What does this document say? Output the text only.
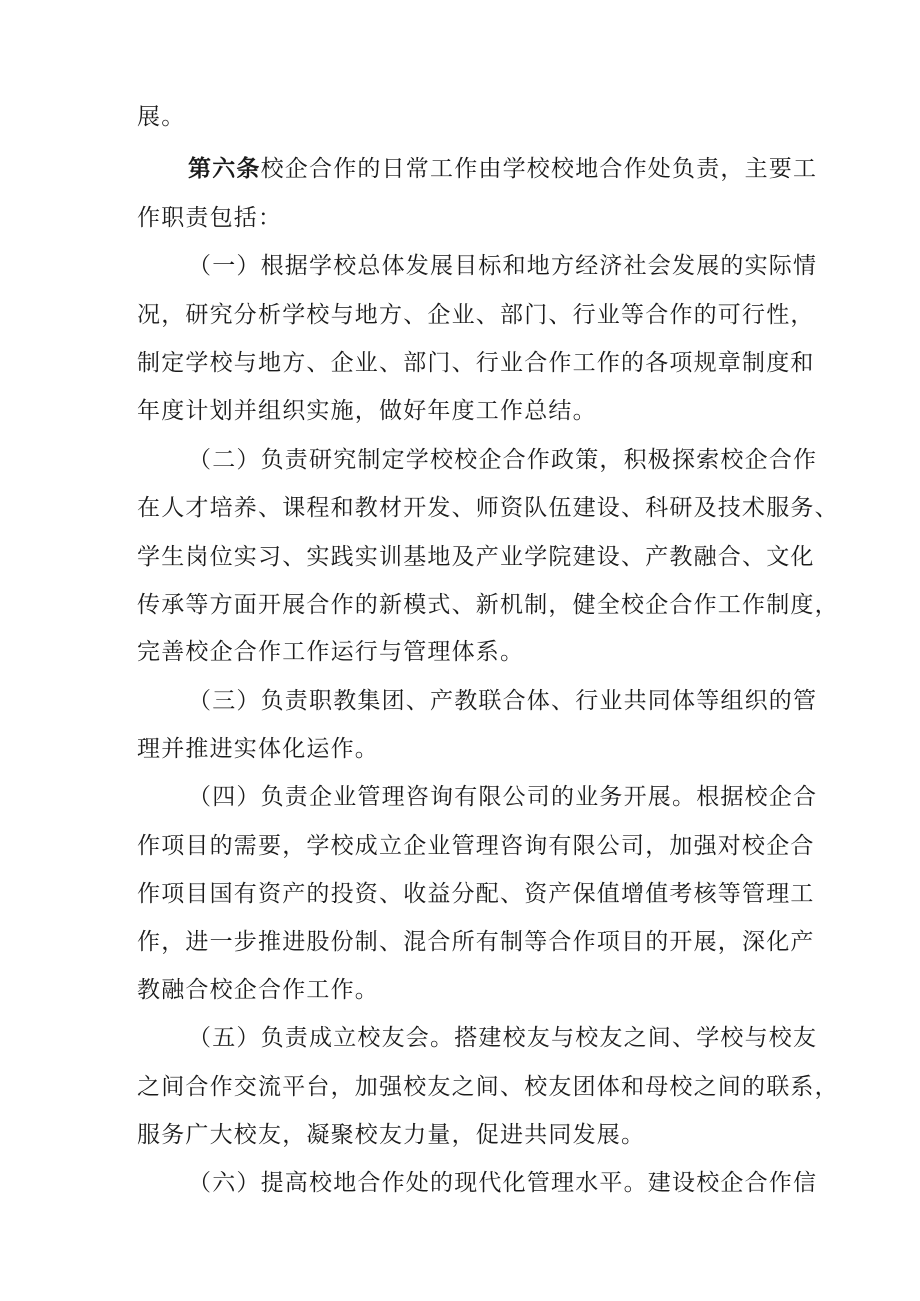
展。
第六条校企合作的日常工作由学校校地合作处负责，主要工
作职责包括：
（一）根据学校总体发展目标和地方经济社会发展的实际情
况，研究分析学校与地方、企业、部门、行业等合作的可行性，
制定学校与地方、企业、部门、行业合作工作的各项规章制度和
年度计划并组织实施，做好年度工作总结。
（二）负责研究制定学校校企合作政策，积极探索校企合作
在人才培养、课程和教材开发、师资队伍建设、科研及技术服务、
学生岗位实习、实践实训基地及产业学院建设、产教融合、文化
传承等方面开展合作的新模式、新机制，健全校企合作工作制度，
完善校企合作工作运行与管理体系。
（三）负责职教集团、产教联合体、行业共同体等组织的管
理并推进实体化运作。
（四）负责企业管理咨询有限公司的业务开展。根据校企合
作项目的需要，学校成立企业管理咨询有限公司，加强对校企合
作项目国有资产的投资、收益分配、资产保值增值考核等管理工
作，进一步推进股份制、混合所有制等合作项目的开展，深化产
教融合校企合作工作。
（五）负责成立校友会。搭建校友与校友之间、学校与校友
之间合作交流平台，加强校友之间、校友团体和母校之间的联系，
服务广大校友，凝聚校友力量，促进共同发展。
（六）提高校地合作处的现代化管理水平。建设校企合作信
